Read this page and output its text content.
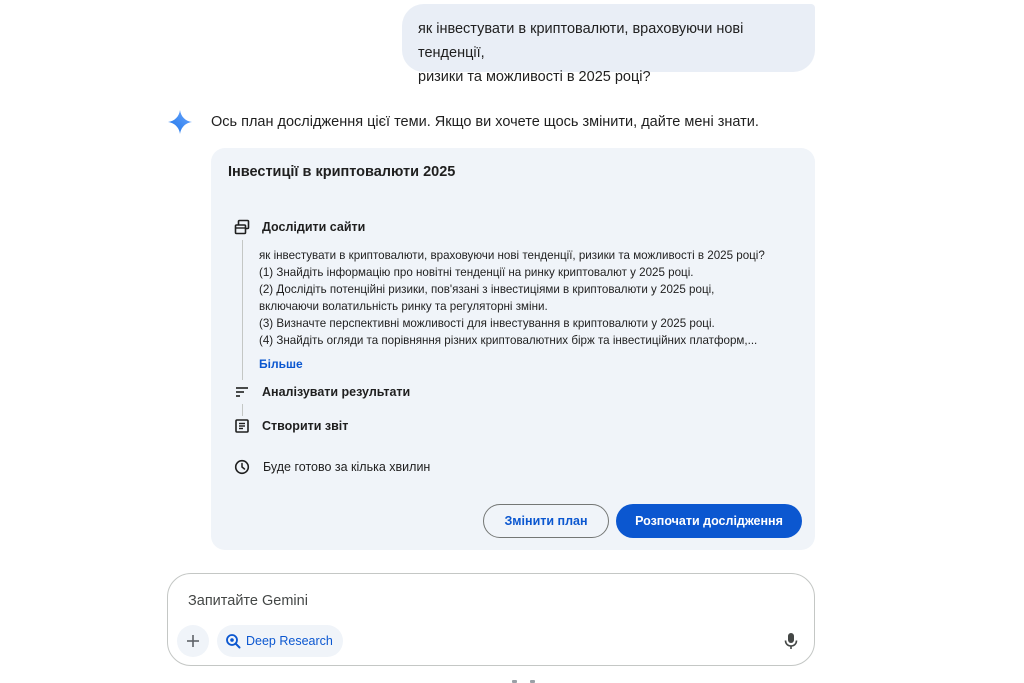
як інвестувати в криптовалюти, враховуючи нові тенденції,
ризики та можливості в 2025 році?
Ось план дослідження цієї теми. Якщо ви хочете щось змінити, дайте мені знати.
Інвестиції в криптовалюти 2025
Дослідити сайти
як інвестувати в криптовалюти, враховуючи нові тенденції, ризики та можливості в 2025 році?
(1) Знайдіть інформацію про новітні тенденції на ринку криптовалют у 2025 році.
(2) Дослідіть потенційні ризики, пов'язані з інвестиціями в криптовалюти у 2025 році,
включаючи волатильність ринку та регуляторні зміни.
(3) Визначте перспективні можливості для інвестування в криптовалюти у 2025 році.
(4) Знайдіть огляди та порівняння різних криптовалютних бірж та інвестиційних платформ,...
Більше
Аналізувати результати
Створити звіт
Буде готово за кілька хвилин
Змінити план	Розпочати дослідження
Запитайте Gemini
Deep Research
